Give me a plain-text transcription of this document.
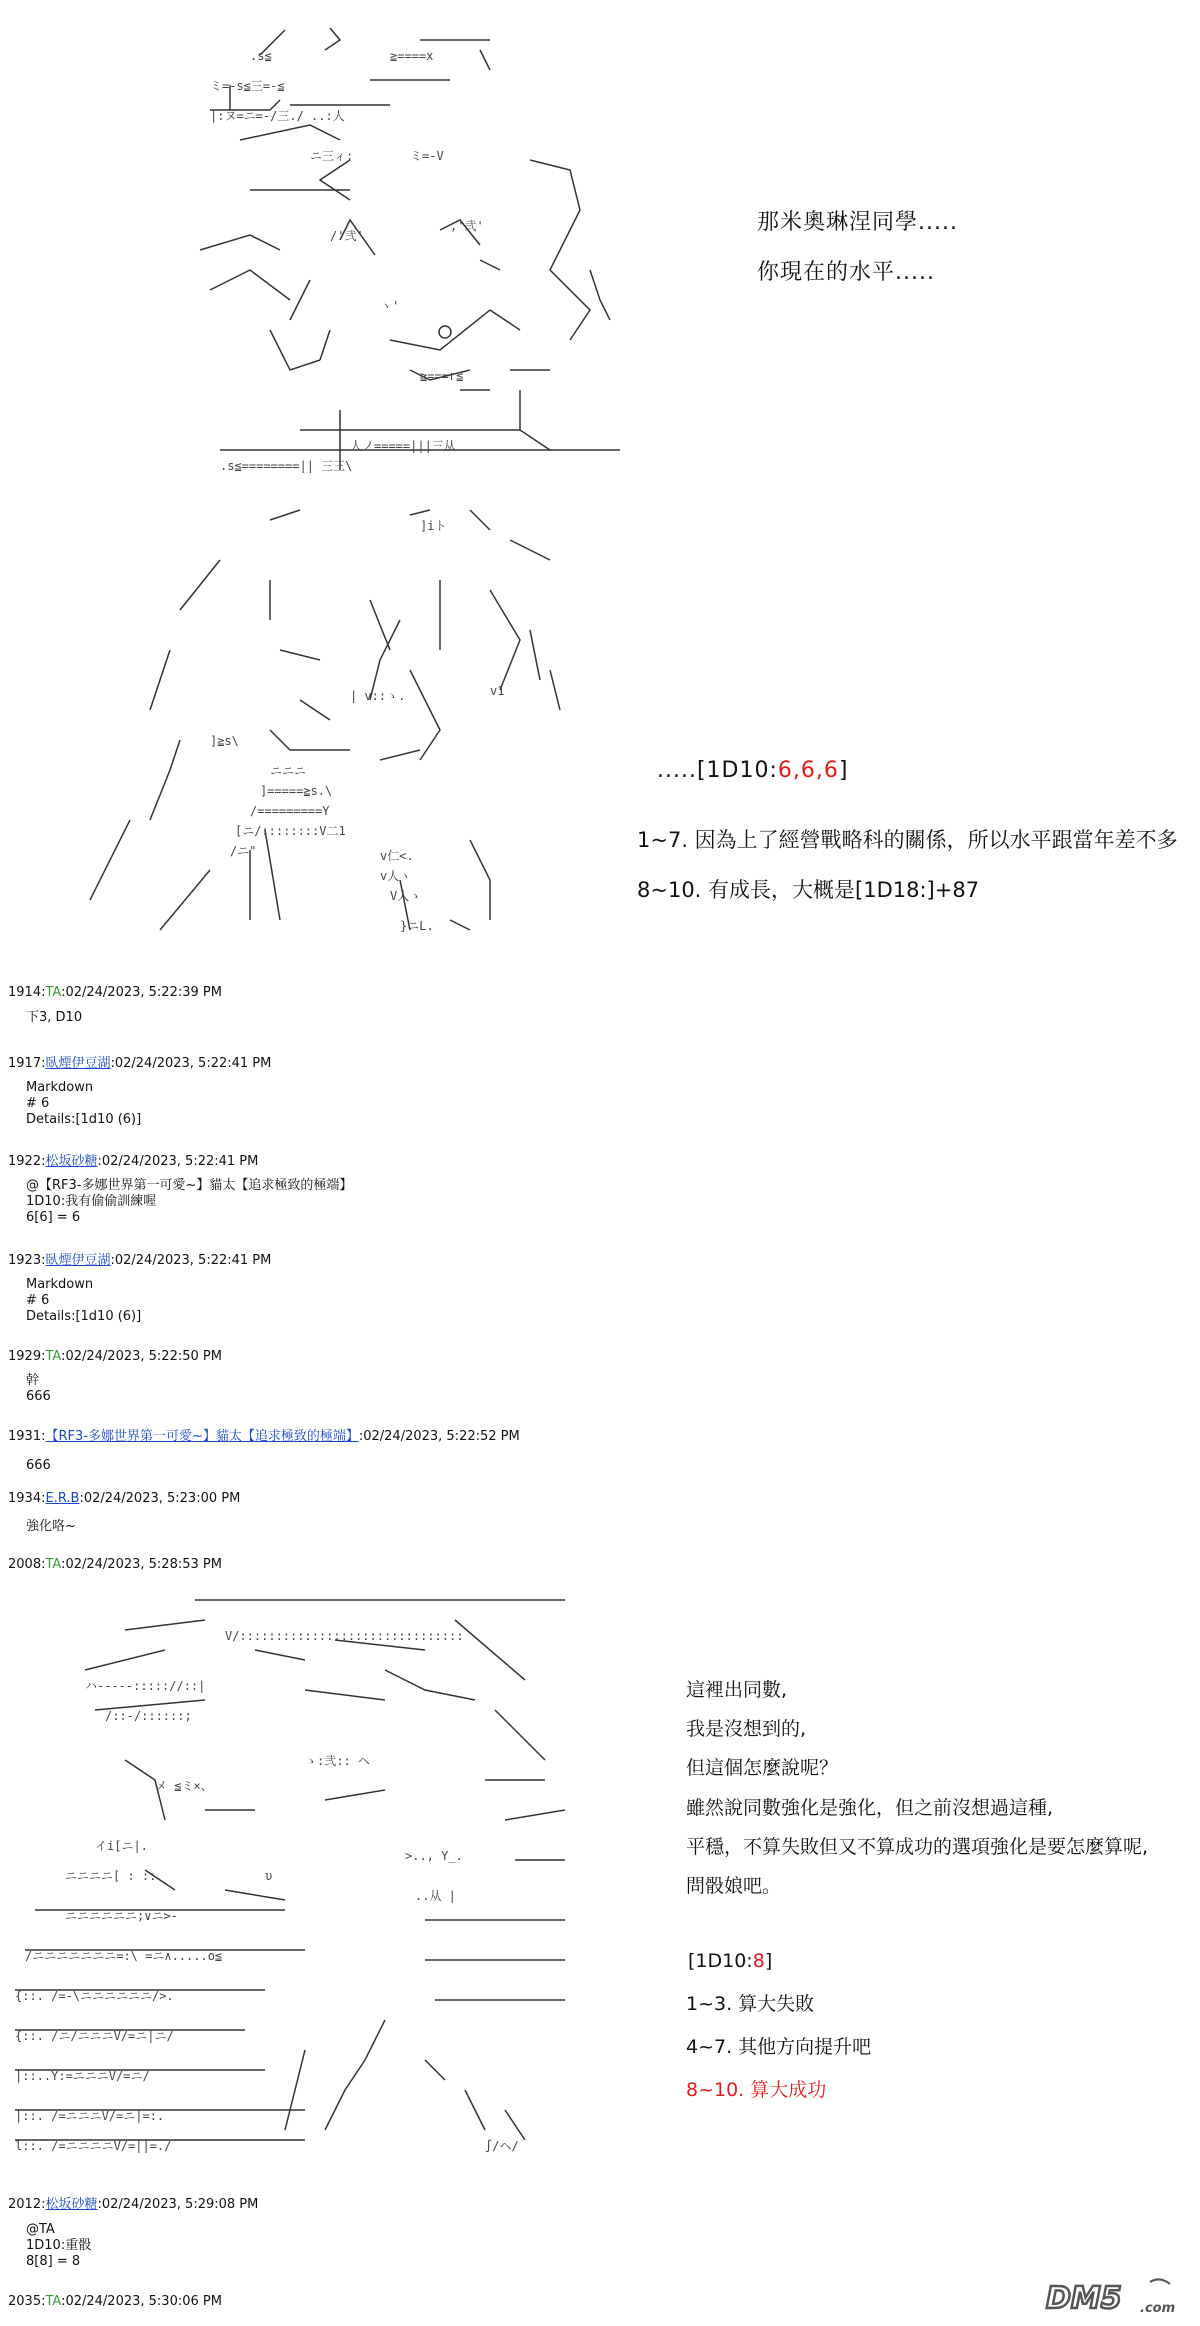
.s≦	≧====x
ミ=-s≦三=-≦
|:ヌ=ニ=-/三./ ..:人
ニ三ィ:	ミ=-V
,'弐'
/'弐'
ヽ'
≧===r≦
人ノ=====|||三从
.s≦========|| 三三\
那米奧琳涅同學.....
你現在的水平.....
]iト
| v::ゝ.
]≧s\
ニニニ
]=====≧s.\
/=========Y
[ニ/::::::::V二1
/ニ"	v仁<.
v人ヽ
V人ゝ
}ニL.
v1
.....[1D10:6,6,6]
1~7. 因為上了經營戰略科的關係，所以水平跟當年差不多
8~10. 有成長，大概是[1D18:]+87
1914:TA:02/24/2023, 5:22:39 PM
下3, D10
1917:臥煙伊豆湖:02/24/2023, 5:22:41 PM
Markdown
# 6
Details:[1d10 (6)]
1922:松坂砂糖:02/24/2023, 5:22:41 PM
@【RF3-多娜世界第一可愛~】貓太【追求極致的極端】
1D10:我有偷偷訓練喔
6[6] = 6
1923:臥煙伊豆湖:02/24/2023, 5:22:41 PM
Markdown
# 6
Details:[1d10 (6)]
1929:TA:02/24/2023, 5:22:50 PM
幹
666
1931:【RF3-多娜世界第一可愛~】貓太【追求極致的極端】:02/24/2023, 5:22:52 PM
666
1934:E.R.B:02/24/2023, 5:23:00 PM
強化咯~
2008:TA:02/24/2023, 5:28:53 PM
V/:::::::::::::::::::::::::::::::
ハ-----::::://::|
/::-/::::::;
メ ≦ミ×、
ゝ:弐:: ヘ
イi[ニ|.
ニニニニ[ : ::
ニニニニニニ;∨ニ>-
/ニニニニニニニ=:\ =ニ∧.....o≦
{::. /=-\ニニニニニニ/>.
{::. /ニ/ニニニV/=ニ|ニ/
|::..Y:=ニニニV/=ニ/
|::. /=ニニニV/=ニ|=:.
l::. /=ニニニニV/=||=./
>.., Y_.
υ
..从 |
∫/ヘ/
這裡出同數,
我是沒想到的,
但這個怎麼說呢？
雖然說同數強化是強化，但之前沒想過這種,
平穩，不算失敗但又不算成功的選項強化是要怎麼算呢,
問骰娘吧。
[1D10:8]
1~3. 算大失敗
4~7. 其他方向提升吧
8~10. 算大成功
2012:松坂砂糖:02/24/2023, 5:29:08 PM
@TA
1D10:重骰
8[8] = 8
2035:TA:02/24/2023, 5:30:06 PM	DM5 .com
